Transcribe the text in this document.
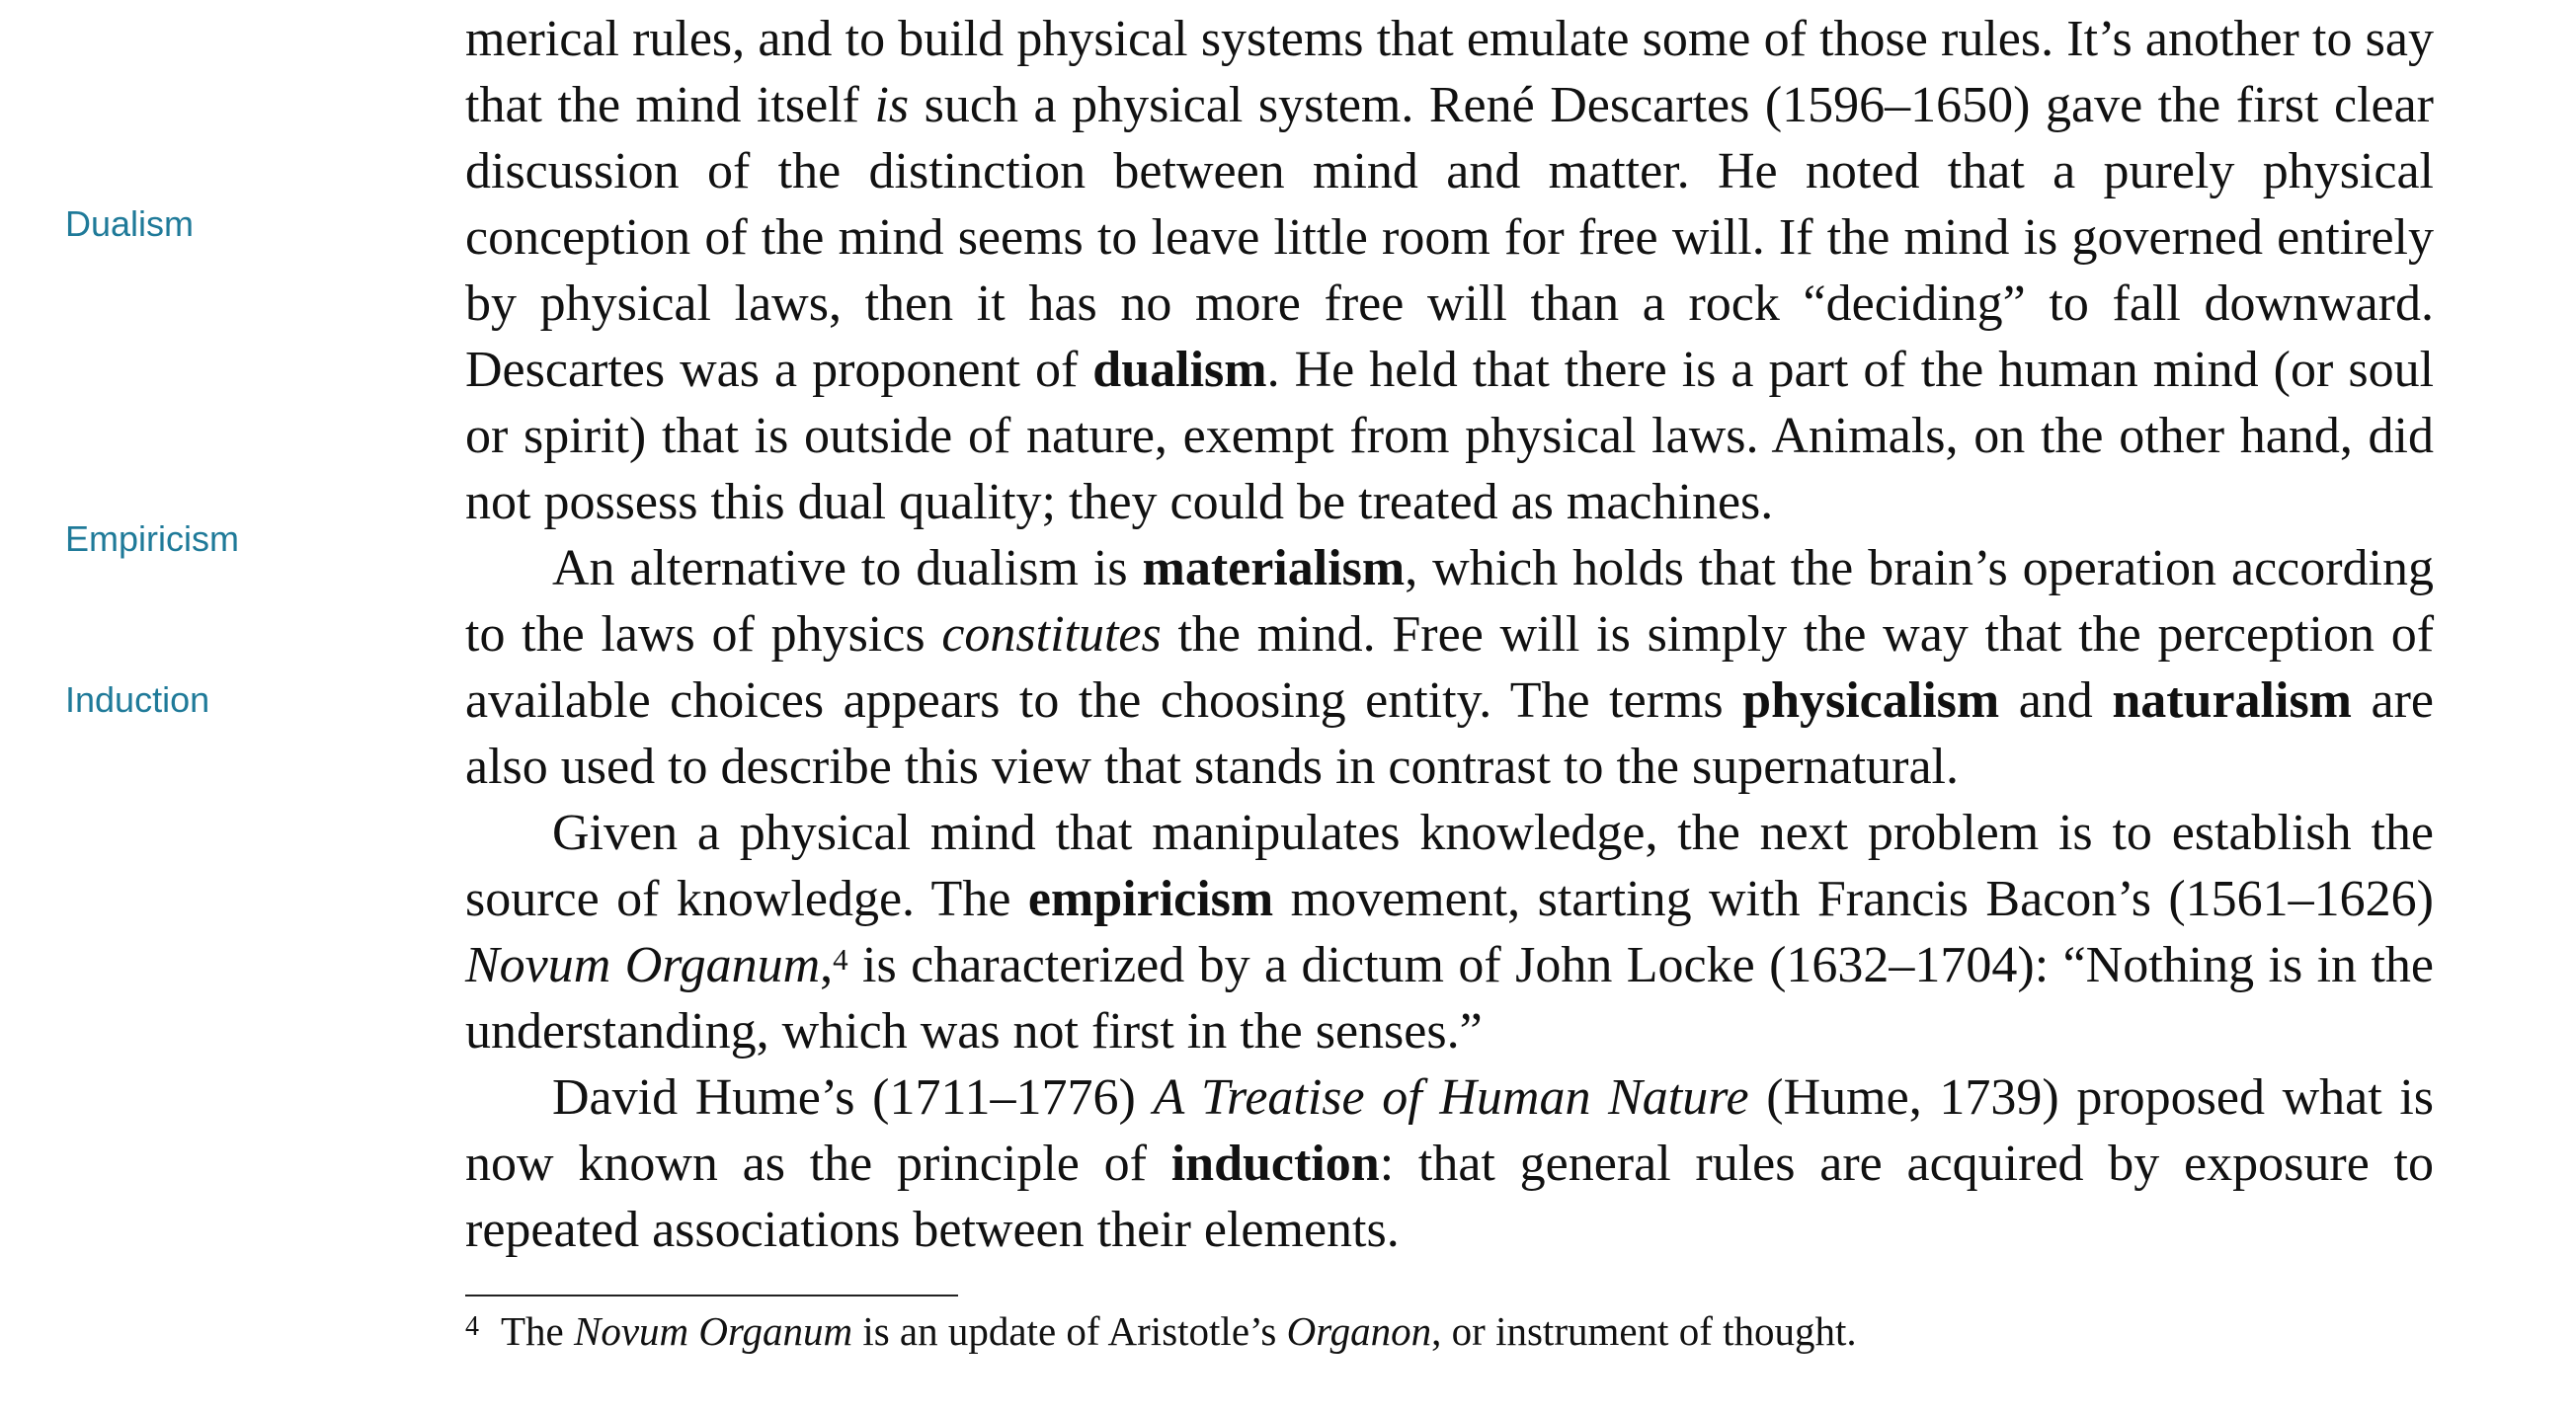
Dualism
Empiricism
Induction

merical rules, and to build physical systems that emulate some of those rules. It’s another to say that the mind itself is such a physical system. René Descartes (1596–1650) gave the first clear discussion of the distinction between mind and matter. He noted that a purely physical conception of the mind seems to leave little room for free will. If the mind is governed entirely by physical laws, then it has no more free will than a rock “deciding” to fall downward. Descartes was a proponent of dualism. He held that there is a part of the human mind (or soul or spirit) that is outside of nature, exempt from physical laws. Animals, on the other hand, did not possess this dual quality; they could be treated as machines.

An alternative to dualism is materialism, which holds that the brain’s operation according to the laws of physics constitutes the mind. Free will is simply the way that the perception of available choices appears to the choosing entity. The terms physicalism and naturalism are also used to describe this view that stands in contrast to the supernatural.

Given a physical mind that manipulates knowledge, the next problem is to establish the source of knowledge. The empiricism movement, starting with Francis Bacon’s (1561–1626) Novum Organum,$^4$ is characterized by a dictum of John Locke (1632–1704): “Nothing is in the understanding, which was not first in the senses.”

David Hume’s (1711–1776) A Treatise of Human Nature (Hume, 1739) proposed what is now known as the principle of induction: that general rules are acquired by exposure to repeated associations between their elements.

$^4$ The Novum Organum is an update of Aristotle’s Organon, or instrument of thought.
